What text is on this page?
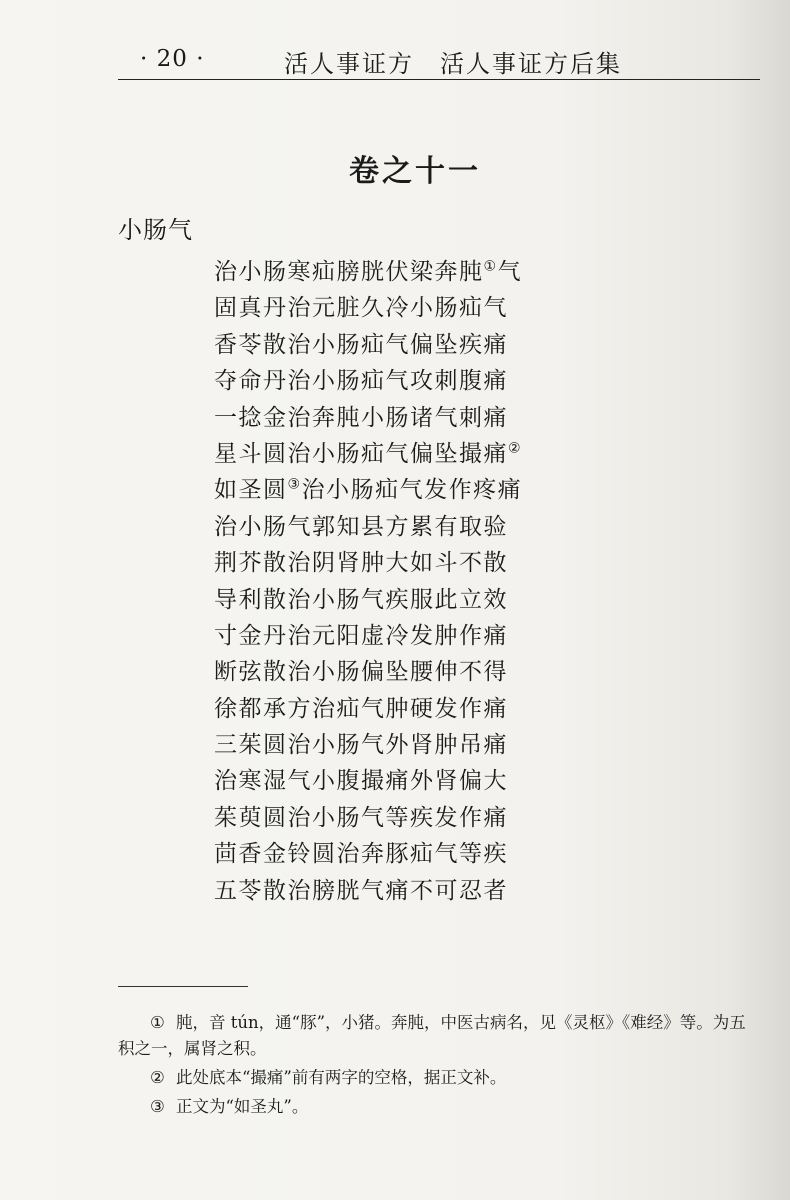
· 20 ·	活人事证方　活人事证方后集
卷之十一
小肠气
治小肠寒疝膀胱伏梁奔肫①气
固真丹治元脏久冷小肠疝气
香苓散治小肠疝气偏坠疾痛
夺命丹治小肠疝气攻刺腹痛
一捻金治奔肫小肠诸气刺痛
星斗圆治小肠疝气偏坠撮痛②
如圣圆③治小肠疝气发作疼痛
治小肠气郭知县方累有取验
荆芥散治阴肾肿大如斗不散
导利散治小肠气疾服此立效
寸金丹治元阳虚冷发肿作痛
断弦散治小肠偏坠腰伸不得
徐都承方治疝气肿硬发作痛
三茱圆治小肠气外肾肿吊痛
治寒湿气小腹撮痛外肾偏大
茱萸圆治小肠气等疾发作痛
茴香金铃圆治奔豚疝气等疾
五苓散治膀胱气痛不可忍者
① 肫，音 tún，通“豚”，小猪。奔肫，中医古病名，见《灵枢》《难经》等。为五积之一，属肾之积。
② 此处底本“撮痛”前有两字的空格，据正文补。
③ 正文为“如圣丸”。
